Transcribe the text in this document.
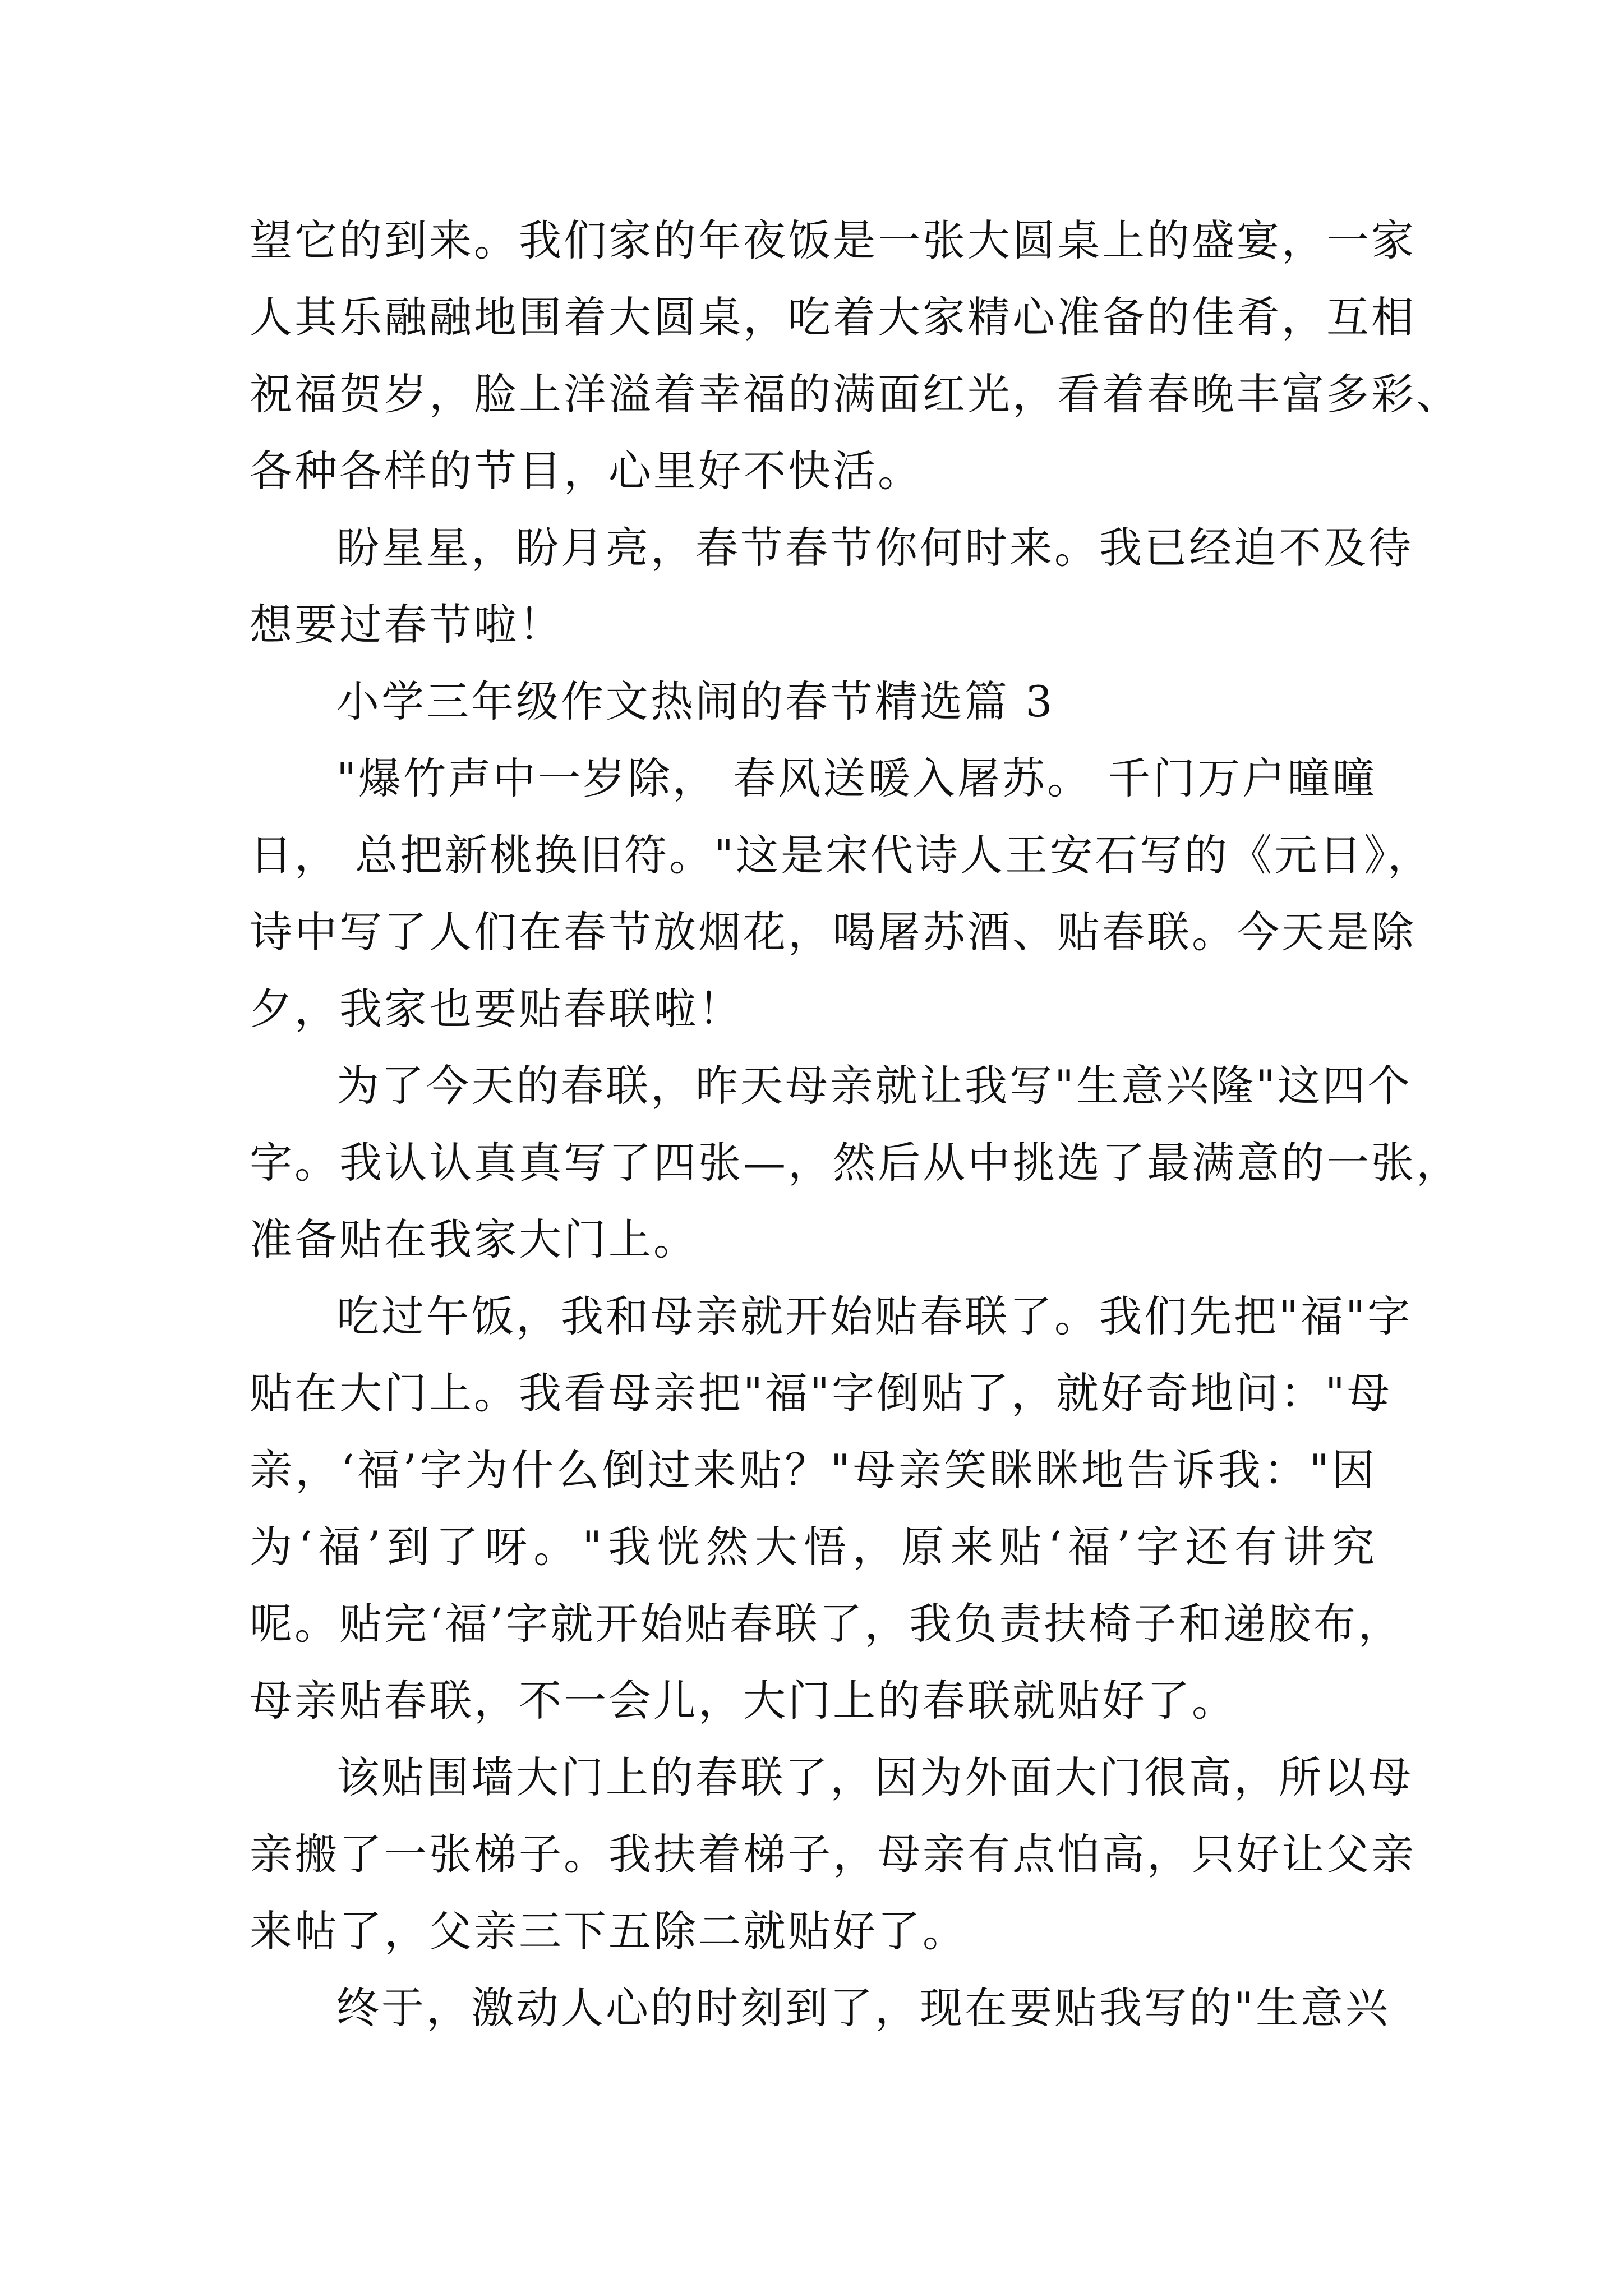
望它的到来。我们家的年夜饭是一张大圆桌上的盛宴，一家
人其乐融融地围着大圆桌，吃着大家精心准备的佳肴，互相
祝福贺岁，脸上洋溢着幸福的满面红光，看着春晚丰富多彩、
各种各样的节目，心里好不快活。
盼星星，盼月亮，春节春节你何时来。我已经迫不及待
想要过春节啦！
小学三年级作文热闹的春节精选篇 3
"爆竹声中一岁除， 春风送暖入屠苏。 千门万户曈曈
日， 总把新桃换旧符。"这是宋代诗人王安石写的《元日》，
诗中写了人们在春节放烟花，喝屠苏酒、贴春联。今天是除
夕，我家也要贴春联啦！
为了今天的春联，昨天母亲就让我写"生意兴隆"这四个
字。我认认真真写了四张—，然后从中挑选了最满意的一张，
准备贴在我家大门上。
吃过午饭，我和母亲就开始贴春联了。我们先把"福"字
贴在大门上。我看母亲把"福"字倒贴了，就好奇地问："母
亲，‘福’字为什么倒过来贴？"母亲笑眯眯地告诉我："因
为‘福’到了呀。"我恍然大悟，原来贴‘福’字还有讲究
呢。贴完‘福’字就开始贴春联了，我负责扶椅子和递胶布，
母亲贴春联，不一会儿，大门上的春联就贴好了。
该贴围墙大门上的春联了，因为外面大门很高，所以母
亲搬了一张梯子。我扶着梯子，母亲有点怕高，只好让父亲
来帖了，父亲三下五除二就贴好了。
终于，激动人心的时刻到了，现在要贴我写的"生意兴
